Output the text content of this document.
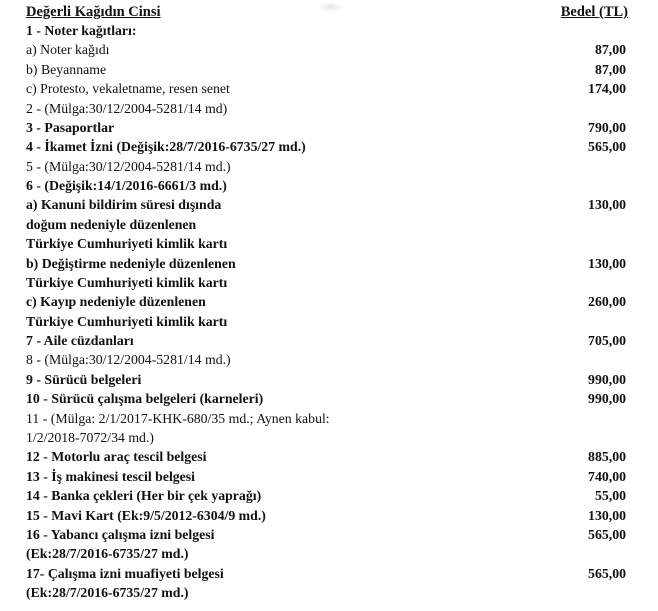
Değerli Kağıdın Cinsi	Bedel (TL)
1 - Noter kağıtları:
a) Noter kağıdı	87,00
b) Beyanname	87,00
c) Protesto, vekaletname, resen senet	174,00
2 - (Mülga:30/12/2004-5281/14 md)
3 - Pasaportlar	790,00
4 - İkamet İzni (Değişik:28/7/2016-6735/27 md.)	565,00
5 - (Mülga:30/12/2004-5281/14 md.)
6 - (Değişik:14/1/2016-6661/3 md.)
a) Kanuni bildirim süresi dışında	130,00
doğum nedeniyle düzenlenen
Türkiye Cumhuriyeti kimlik kartı
b) Değiştirme nedeniyle düzenlenen	130,00
Türkiye Cumhuriyeti kimlik kartı
c) Kayıp nedeniyle düzenlenen	260,00
Türkiye Cumhuriyeti kimlik kartı
7 - Aile cüzdanları	705,00
8 - (Mülga:30/12/2004-5281/14 md.)
9 - Sürücü belgeleri	990,00
10 - Sürücü çalışma belgeleri (karneleri)	990,00
11 - (Mülga: 2/1/2017-KHK-680/35 md.; Aynen kabul:
1/2/2018-7072/34 md.)
12 - Motorlu araç tescil belgesi	885,00
13 - İş makinesi tescil belgesi	740,00
14 - Banka çekleri (Her bir çek yaprağı)	55,00
15 - Mavi Kart (Ek:9/5/2012-6304/9 md.)	130,00
16 - Yabancı çalışma izni belgesi	565,00
(Ek:28/7/2016-6735/27 md.)
17- Çalışma izni muafiyeti belgesi	565,00
(Ek:28/7/2016-6735/27 md.)
